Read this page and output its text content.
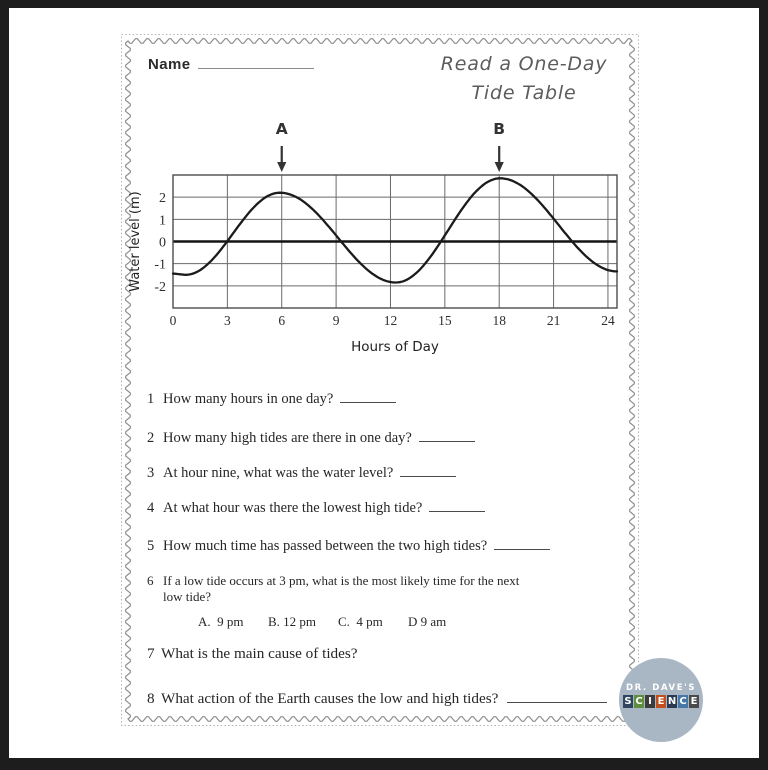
Name	Read a One-Day
Tide Table
0	3	6	9	12	15	18	21	24
2
1
0
-1
-2
Hours of Day
Water level (m)
A	B
1 How many hours in one day?
2 How many high tides are there in one day?
3 At hour nine, what was the water level?
4 At what hour was there the lowest high tide?
5 How much time has passed between the two high tides?
6 If a low tide occurs at 3 pm, what is the most likely time for the next
low tide?
A.  9 pm B. 12 pm C.  4 pm D 9 am
7 What is the main cause of tides?
8 What action of the Earth causes the low and high tides?
DR. DAVE'S
S C I E N C E
